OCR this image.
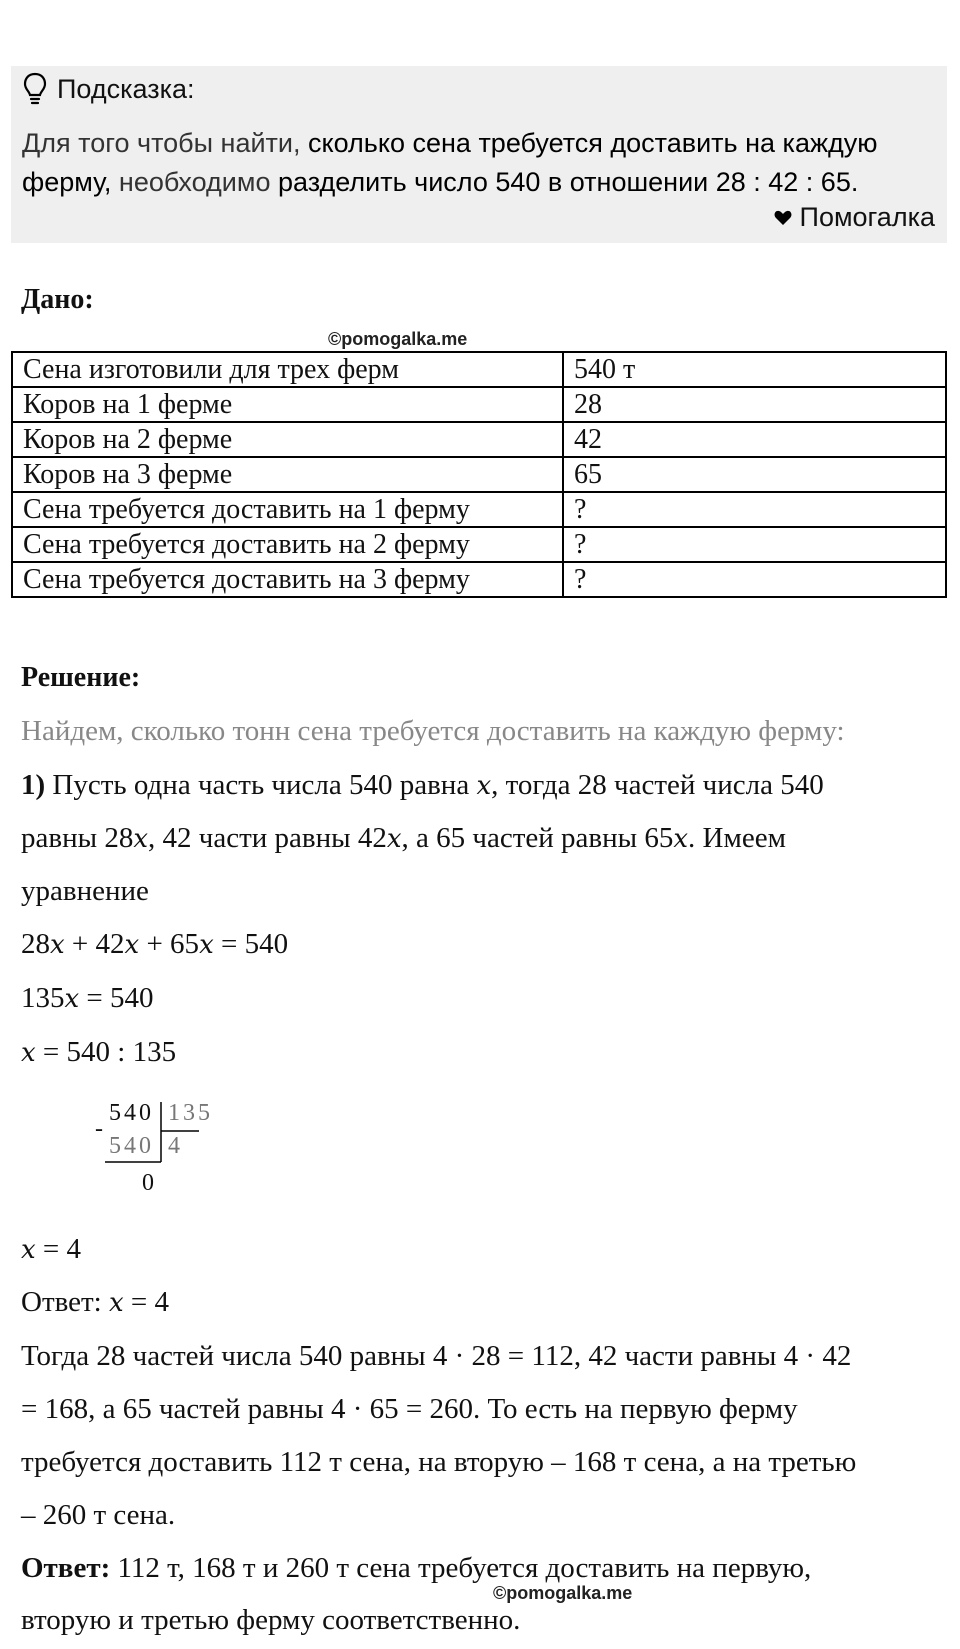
Подсказка:
Для того чтобы найти, сколько сена требуется доставить на каждую ферму, необходимо разделить число 540 в отношении 28 : 42 : 65.
Помогалка
Дано:
©pomogalka.me
Сена изготовили для трех ферм	540 т
Коров на 1 ферме	28
Коров на 2 ферме	42
Коров на 3 ферме	65
Сена требуется доставить на 1 ферму	?
Сена требуется доставить на 2 ферму	?
Сена требуется доставить на 3 ферму	?
Решение:
Найдем, сколько тонн сена требуется доставить на каждую ферму:
1) Пусть одна часть числа 540 равна x, тогда 28 частей числа 540
равны 28x, 42 части равны 42x, а 65 частей равны 65x. Имеем
уравнение
28x + 42x + 65x = 540
135x = 540
x = 540 : 135
540 135
-
540 4
0
x = 4
Ответ: x = 4
Тогда 28 частей числа 540 равны 4 · 28 = 112, 42 части равны 4 · 42
= 168, а 65 частей равны 4 · 65 = 260. То есть на первую ферму
требуется доставить 112 т сена, на вторую – 168 т сена, а на третью
– 260 т сена.
Ответ: 112 т, 168 т и 260 т сена требуется доставить на первую,
©pomogalka.me
вторую и третью ферму соответственно.
